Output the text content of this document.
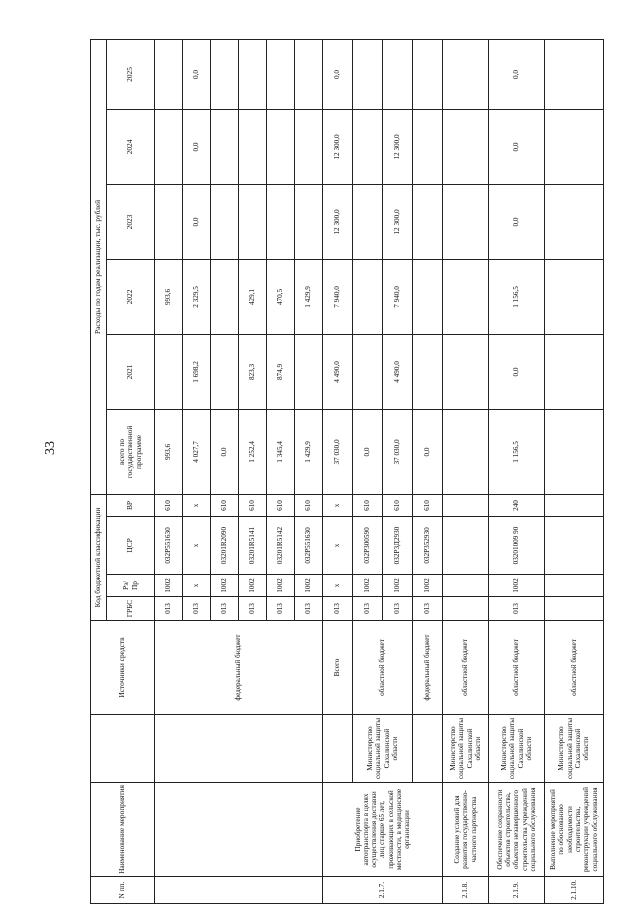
33
N пп.	Наименование мероприятия		Источники средств	Код бюджетной классификации				Расходы по годам реализации, тыс. рублей					
				ГРБС	Рз/ Пр	ЦСР	ВР	всего по государственной программе	2021	2022	2023	2024	2025
			федеральный бюджет	013	1002	032P551630	610	993,6		993,6			
				013	х	х	х	4 027,7	1 698,2	2 329,5	0,0	0,0	0,0
				013	1002	03201R2090	610	0,0					
				013	1002	03201R5141	610	1 252,4	823,3	429,1			
				013	1002	03201R5142	610	1 345,4	874,9	470,5			
				013	1002	032P551630	610	1 429,9		1 429,9			
2.1.7.	Приобретение автотранспорта в целях осуществления доставки лиц старше 65 лет, проживающих в сельской местности, в медицинские организации		Всего	013	х	х	х	37 030,0	4 490,0	7 940,0	12 300,0	12 300,0	0,0
		Министерство социальной защиты Сахалинской области	областной бюджет	013	1002	032P300590	610	0,0					
				013	1002	032P3Д2930	610	37 030,0	4 490,0	7 940,0	12 300,0	12 300,0	
			федеральный бюджет	013	1002	032P352930	610	0,0					
2.1.8.	Создание условий для развития государственно-частного партнерства	Министерство социальной защиты Сахалинской области	областной бюджет										
2.1.9.	Обеспечение сохранности объектов строительства, объектов незавершенного строительства учреждений социального обслуживания	Министерство социальной защиты Сахалинской области	областной бюджет	013	1002	03201009 90	240	1 156,5	0,0	1 156,5	0,0	0,0	0,0
2.1.10.	Выполнение мероприятий по обоснованию необходимости строительства, реконструкции учреждений социального обслуживания	Министерство социальной защиты Сахалинской области	областной бюджет										
